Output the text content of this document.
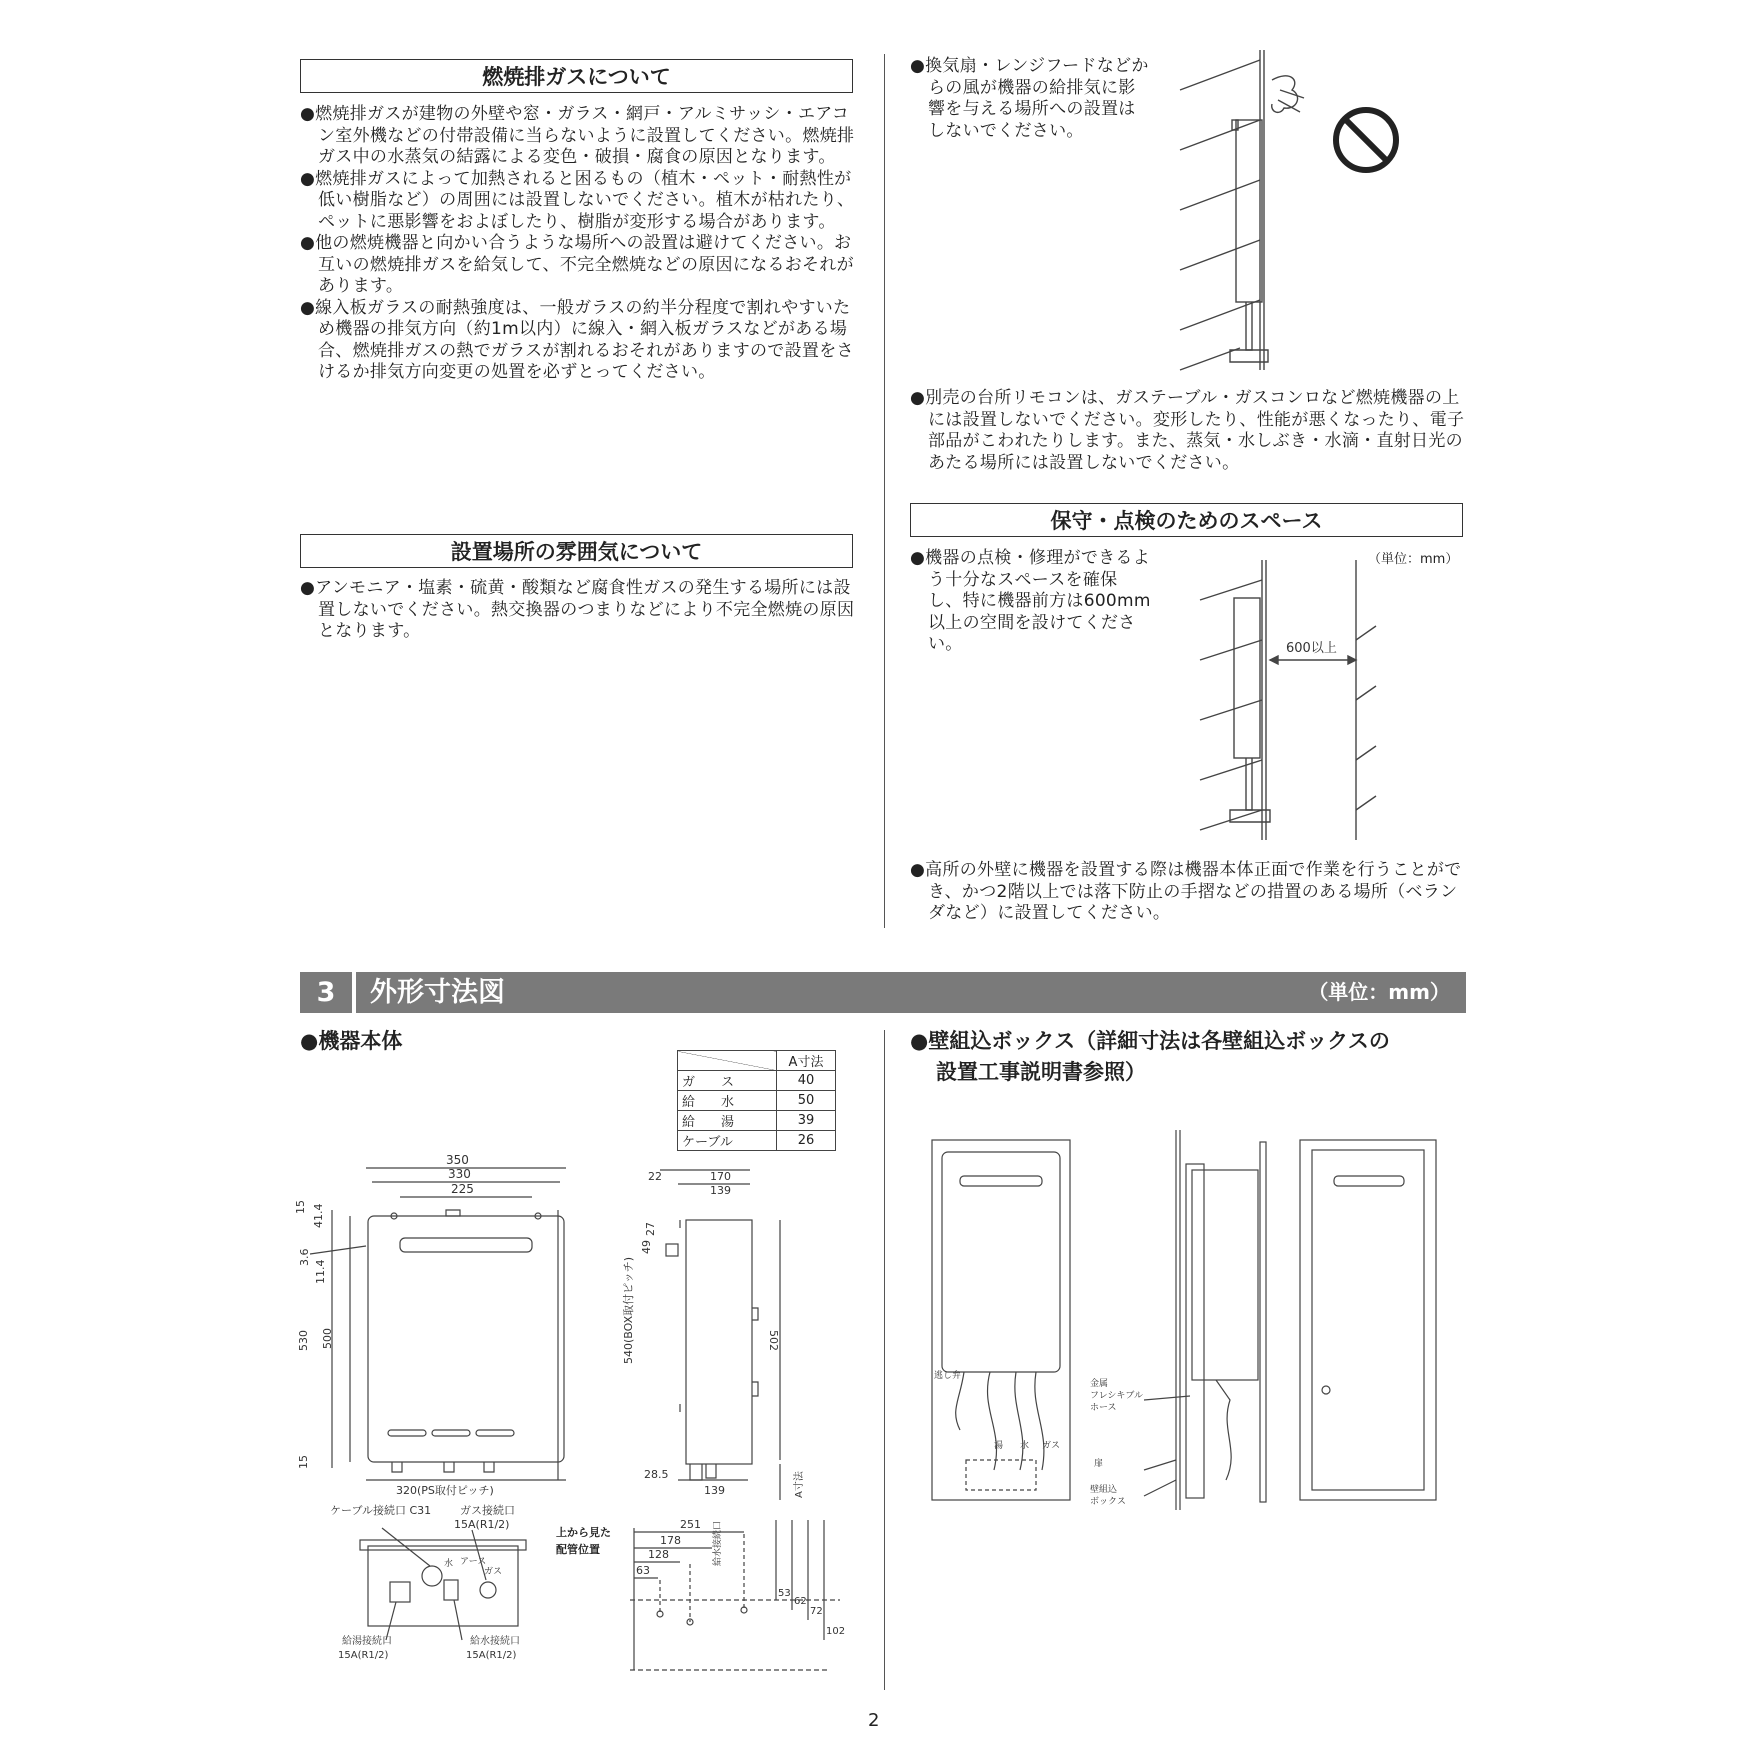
燃焼排ガスについて

●燃焼排ガスが建物の外壁や窓・ガラス・網戸・アルミサッシ・エアコン室外機などの付帯設備に当らないように設置してください。燃焼排ガス中の水蒸気の結露による変色・破損・腐食の原因となります。

●燃焼排ガスによって加熱されると困るもの（植木・ペット・耐熱性が低い樹脂など）の周囲には設置しないでください。植木が枯れたり、ペットに悪影響をおよぼしたり、樹脂が変形する場合があります。

●他の燃焼機器と向かい合うような場所への設置は避けてください。お互いの燃焼排ガスを給気して、不完全燃焼などの原因になるおそれがあります。

●線入板ガラスの耐熱強度は、一般ガラスの約半分程度で割れやすいため機器の排気方向（約1m以内）に線入・網入板ガラスなどがある場合、燃焼排ガスの熱でガラスが割れるおそれがありますので設置をさけるか排気方向変更の処置を必ずとってください。

設置場所の雰囲気について

●アンモニア・塩素・硫黄・酸類など腐食性ガスの発生する場所には設置しないでください。熱交換器のつまりなどにより不完全燃焼の原因となります。

●換気扇・レンジフードなどからの風が機器の給排気に影響を与える場所への設置はしないでください。

●別売の台所リモコンは、ガステーブル・ガスコンロなど燃焼機器の上には設置しないでください。変形したり、性能が悪くなったり、電子部品がこわれたりします。また、蒸気・水しぶき・水滴・直射日光のあたる場所には設置しないでください。

保守・点検のためのスペース

●機器の点検・修理ができるよう十分なスペースを確保し、特に機器前方は600mm以上の空間を設けてください。

（単位：mm）
600以上

●高所の外壁に機器を設置する際は機器本体正面で作業を行うことができ、かつ2階以上では落下防止の手摺などの措置のある場所（ベランダなど）に設置してください。

3	外形寸法図	（単位：mm）
●機器本体	●壁組込ボックス（詳細寸法は各壁組込ボックスの
設置工事説明書参照）
	A寸法
ガ　　ス	40
給　　水	50
給　　湯	39
ケーブル	26
350
330
225
15 41.4
3.6
11.4
530 500
15
540(BOX取付ピッチ)
320(PS取付ピッチ)
22	170
139
49
27
502
28.5
139	A寸法
ケーブル接続口 C31	ガス接続口
15A(R1/2)
水 アース
ガス
給湯接続口
15A(R1/2)
給水接続口
15A(R1/2)
上から見た
配管位置
251
178
128
63
53
62
72
102
給水接続口
逃し弁
湯 水 ガス
金属
フレシキブル
ホース
扉
壁組込
ボックス
2
